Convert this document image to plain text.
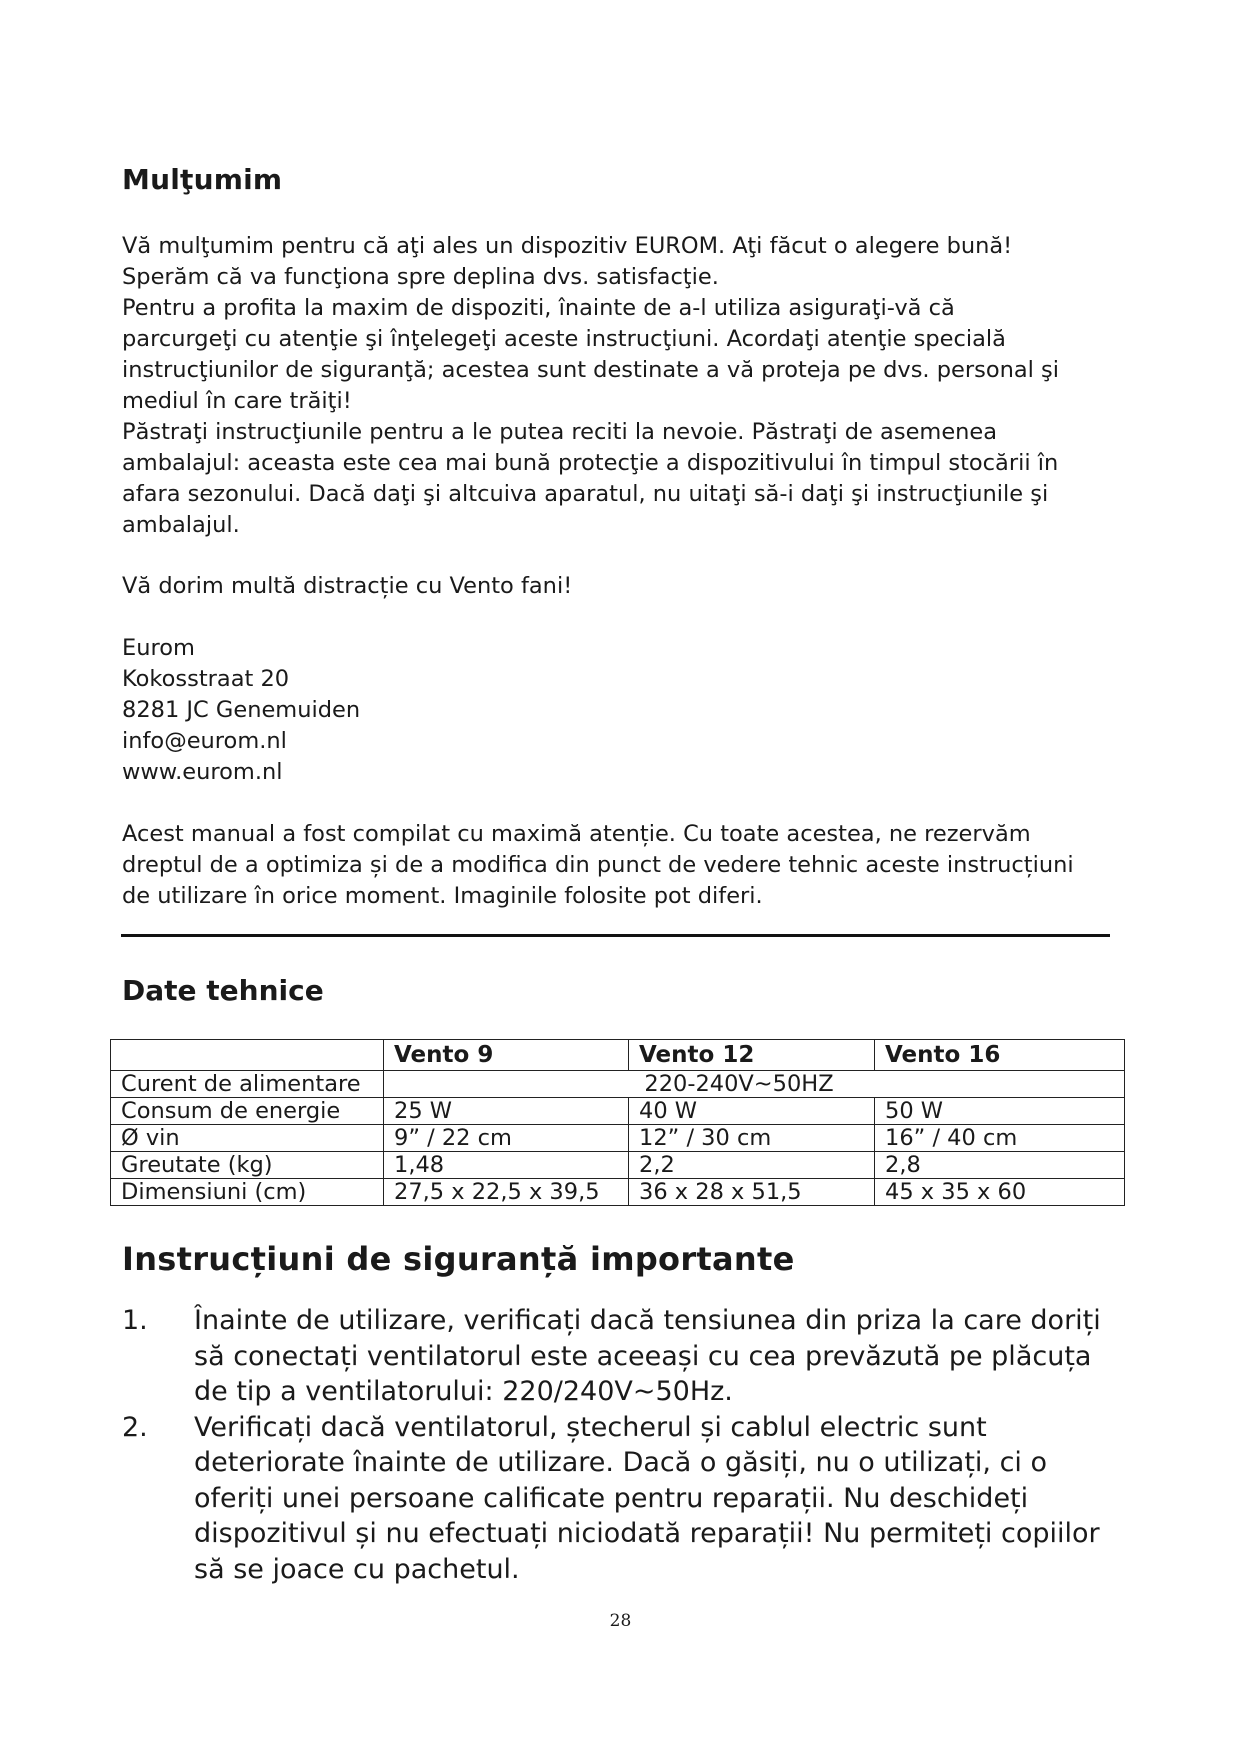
Mulţumim

Vă mulţumim pentru că aţi ales un dispozitiv EUROM. Aţi făcut o alegere bună!
Sperăm că va funcţiona spre deplina dvs. satisfacţie.
Pentru a profita la maxim de dispoziti, înainte de a-l utiliza asiguraţi-vă că
parcurgeţi cu atenţie şi înţelegeţi aceste instrucţiuni. Acordaţi atenţie specială
instrucţiunilor de siguranţă; acestea sunt destinate a vă proteja pe dvs. personal şi
mediul în care trăiţi!
Păstraţi instrucţiunile pentru a le putea reciti la nevoie. Păstraţi de asemenea
ambalajul: aceasta este cea mai bună protecţie a dispozitivului în timpul stocării în
afara sezonului. Dacă daţi şi altcuiva aparatul, nu uitaţi să-i daţi şi instrucţiunile şi
ambalajul.

Vă dorim multă distracție cu Vento fani!

Eurom
Kokosstraat 20
8281 JC Genemuiden
info@eurom.nl
www.eurom.nl

Acest manual a fost compilat cu maximă atenție. Cu toate acestea, ne rezervăm
dreptul de a optimiza și de a modifica din punct de vedere tehnic aceste instrucțiuni
de utilizare în orice moment. Imaginile folosite pot diferi.

Date tehnice
	Vento 9	Vento 12	Vento 16
Curent de alimentare	220-240V~50HZ		
Consum de energie	25 W	40 W	50 W
Ø vin	9” / 22 cm	12” / 30 cm	16” / 40 cm
Greutate (kg)	1,48	2,2	2,8
Dimensiuni (cm)	27,5 x 22,5 x 39,5	36 x 28 x 51,5	45 x 35 x 60
Instrucțiuni de siguranță importante
1. Înainte de utilizare, verificați dacă tensiunea din priza la care doriți
să conectați ventilatorul este aceeași cu cea prevăzută pe plăcuța
de tip a ventilatorului: 220/240V~50Hz.
2. Verificați dacă ventilatorul, ștecherul și cablul electric sunt
deteriorate înainte de utilizare. Dacă o găsiți, nu o utilizați, ci o
oferiți unei persoane calificate pentru reparații. Nu deschideți
dispozitivul și nu efectuați niciodată reparații! Nu permiteți copiilor
să se joace cu pachetul.
28
